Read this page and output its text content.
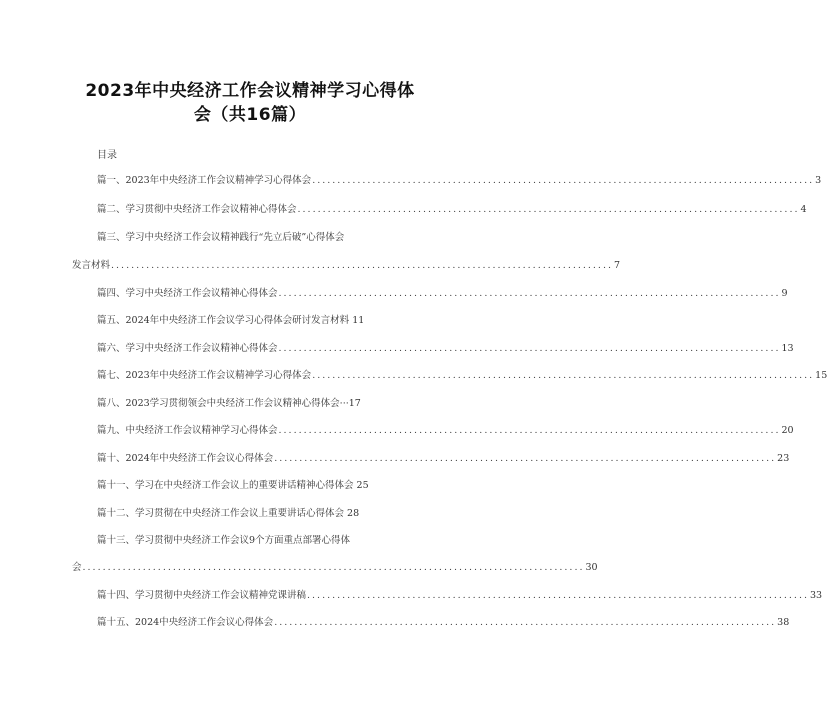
2023年中央经济工作会议精神学习心得体
会（共16篇）
目录
篇一、2023年中央经济工作会议精神学习心得体会 .................................................................................................... 3
篇二、学习贯彻中央经济工作会议精神心得体会 .................................................................................................... 4
篇三、学习中央经济工作会议精神践行“先立后破”心得体会
发言材料 .................................................................................................... 7
篇四、学习中央经济工作会议精神心得体会 .................................................................................................... 9
篇五、2024年中央经济工作会议学习心得体会研讨发言材料 11
篇六、学习中央经济工作会议精神心得体会 .................................................................................................... 13
篇七、2023年中央经济工作会议精神学习心得体会 .................................................................................................... 15
篇八、2023学习贯彻领会中央经济工作会议精神心得体会···17
篇九、中央经济工作会议精神学习心得体会 .................................................................................................... 20
篇十、2024年中央经济工作会议心得体会 .................................................................................................... 23
篇十一、学习在中央经济工作会议上的重要讲话精神心得体会 25
篇十二、学习贯彻在中央经济工作会议上重要讲话心得体会 28
篇十三、学习贯彻中央经济工作会议9个方面重点部署心得体
会 .................................................................................................... 30
篇十四、学习贯彻中央经济工作会议精神党课讲稿 .................................................................................................... 33
篇十五、2024中央经济工作会议心得体会 .................................................................................................... 38
